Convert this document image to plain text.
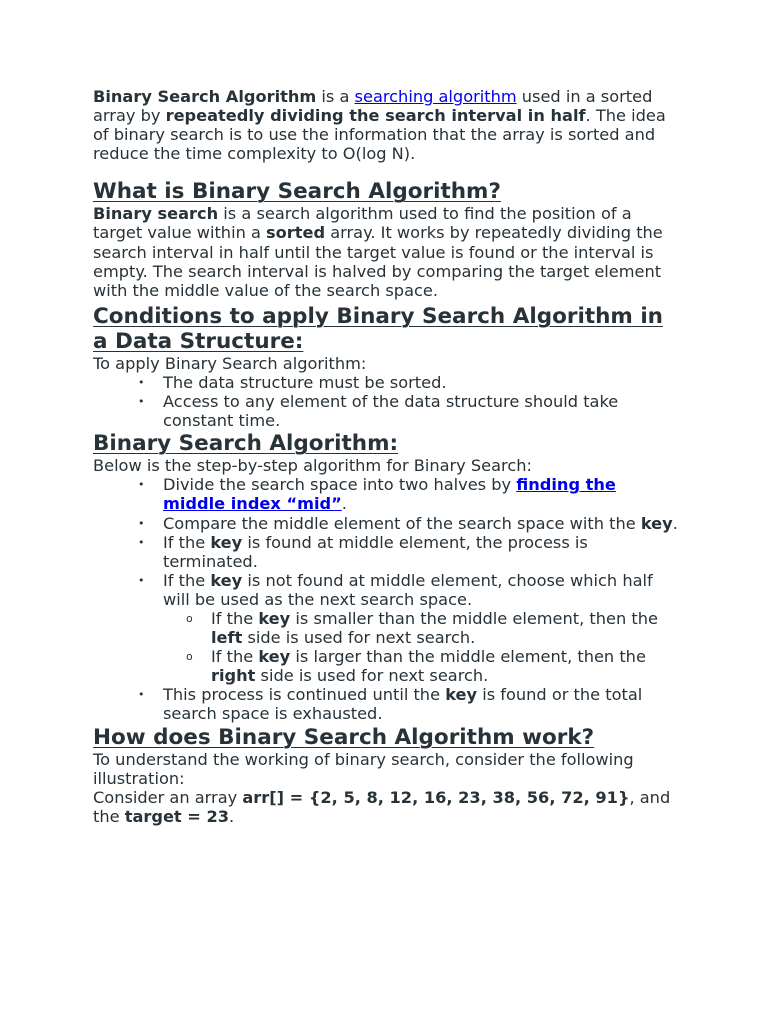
Binary Search Algorithm is a searching algorithm used in a sorted array by repeatedly dividing the search interval in half. The idea of binary search is to use the information that the array is sorted and reduce the time complexity to O(log N).

What is Binary Search Algorithm?

Binary search is a search algorithm used to find the position of a target value within a sorted array. It works by repeatedly dividing the search interval in half until the target value is found or the interval is empty. The search interval is halved by comparing the target element with the middle value of the search space.

Conditions to apply Binary Search Algorithm in a Data Structure:

To apply Binary Search algorithm:

• The data structure must be sorted.
• Access to any element of the data structure should take constant time.
Binary Search Algorithm:

Below is the step-by-step algorithm for Binary Search:

• Divide the search space into two halves by finding the middle index “mid”.
• Compare the middle element of the search space with the key.
• If the key is found at middle element, the process is terminated.
• If the key is not found at middle element, choose which half will be used as the next search space.
o If the key is smaller than the middle element, then the left side is used for next search.
o If the key is larger than the middle element, then the right side is used for next search.
• This process is continued until the key is found or the total search space is exhausted.
How does Binary Search Algorithm work?

To understand the working of binary search, consider the following illustration:

Consider an array arr[] = {2, 5, 8, 12, 16, 23, 38, 56, 72, 91}, and the target = 23.
